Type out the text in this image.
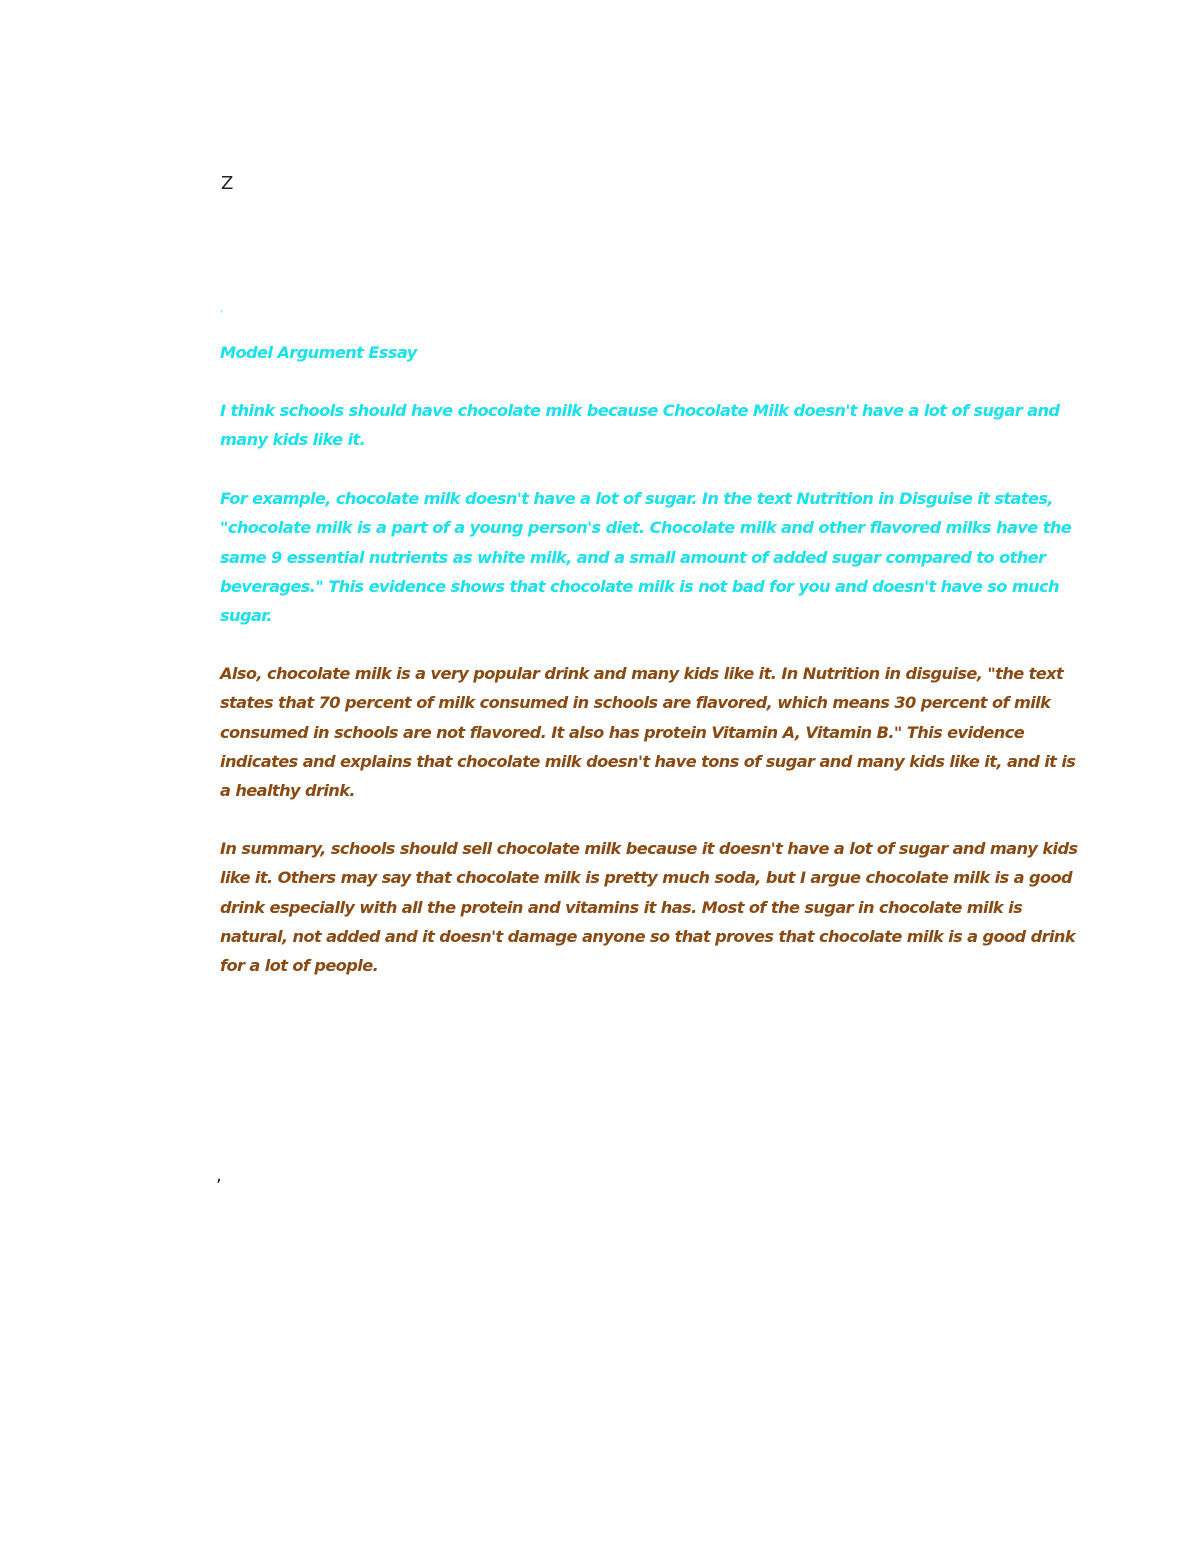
Z
'

Model Argument Essay

I think schools should have chocolate milk because Chocolate Milk doesn't have a lot of sugar and many kids like it.

For example, chocolate milk doesn't have a lot of sugar. In the text Nutrition in Disguise it states, "chocolate milk is a part of a young person's diet. Chocolate milk and other flavored milks have the same 9 essential nutrients as white milk, and a small amount of added sugar compared to other beverages." This evidence shows that chocolate milk is not bad for you and doesn't have so much sugar.

Also, chocolate milk is a very popular drink and many kids like it. In Nutrition in disguise, "the text states that 70 percent of milk consumed in schools are flavored, which means 30 percent of milk consumed in schools are not flavored. It also has protein Vitamin A, Vitamin B." This evidence indicates and explains that chocolate milk doesn't have tons of sugar and many kids like it, and it is a healthy drink.

In summary, schools should sell chocolate milk because it doesn't have a lot of sugar and many kids like it. Others may say that chocolate milk is pretty much soda, but I argue chocolate milk is a good drink especially with all the protein and vitamins it has. Most of the sugar in chocolate milk is natural, not added and it doesn't damage anyone so that proves that chocolate milk is a good drink for a lot of people.

,
